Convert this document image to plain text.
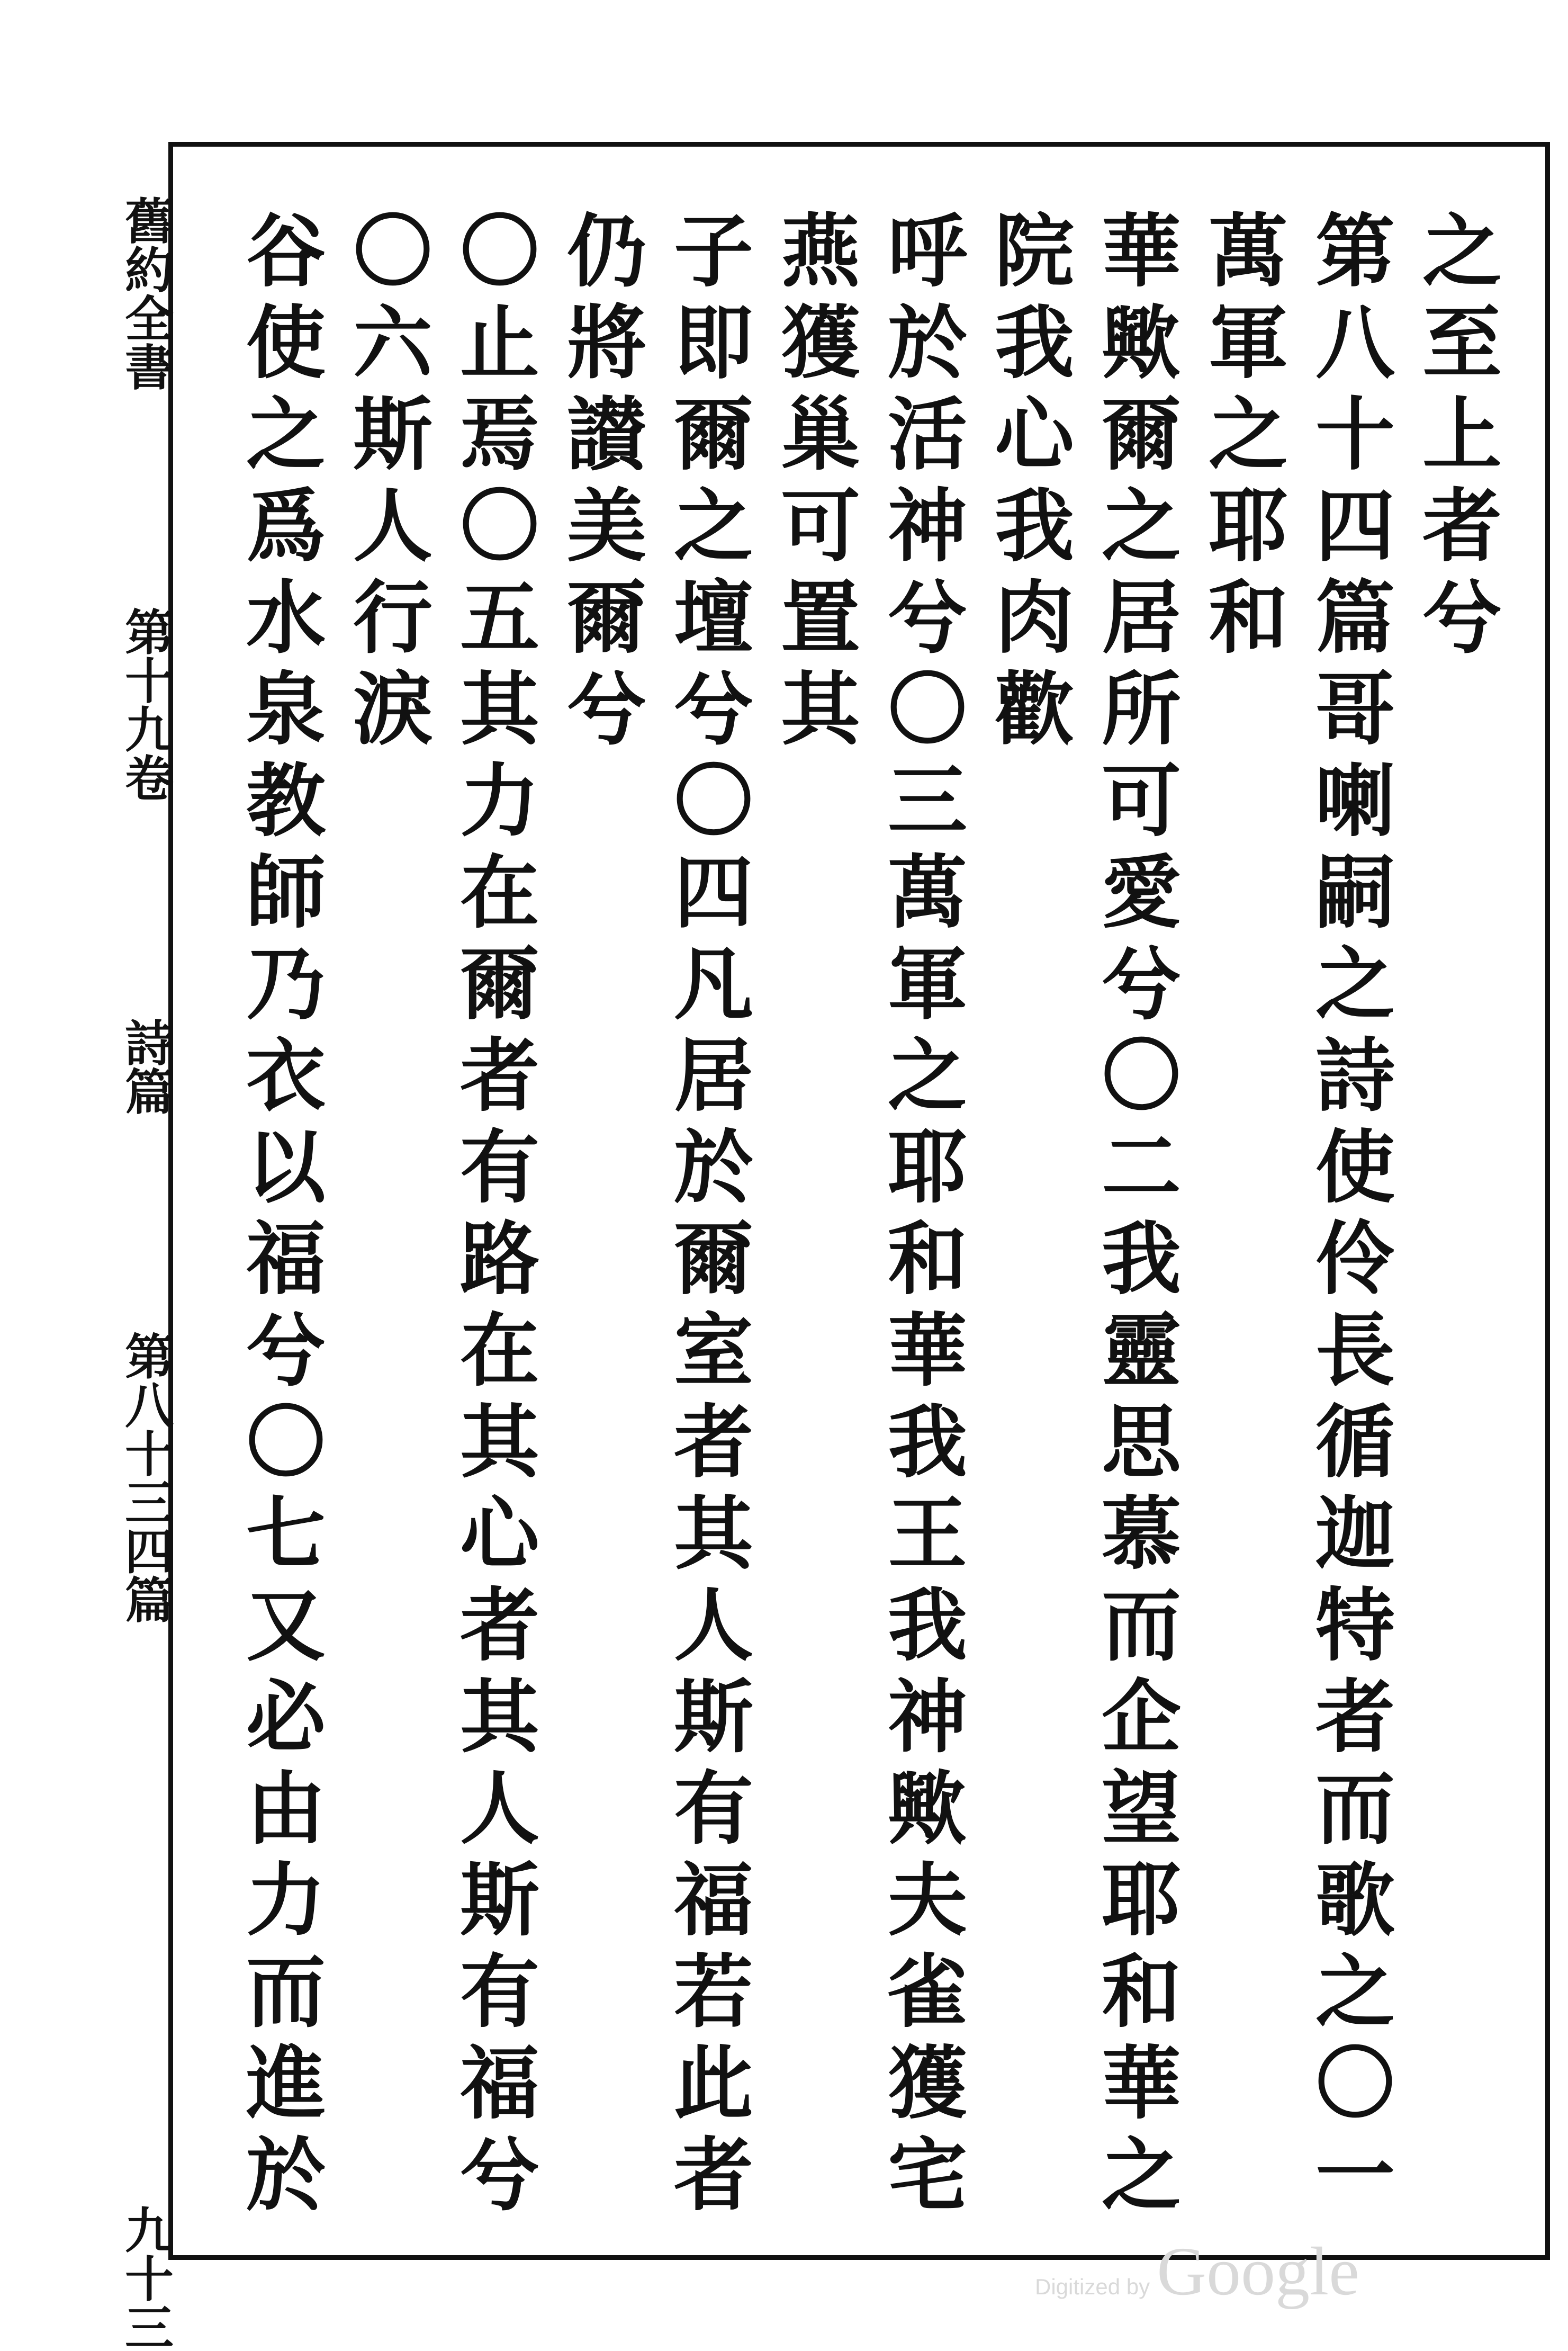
舊約全書 第十九卷 詩篇 第八十三四篇 九十三
之至上者兮
第八十四篇哥喇嗣之詩使伶長循迦特者而歌之〇一萬軍之耶和
華歟爾之居所可愛兮〇二我靈思慕而企望耶和華之院我心我肉歡
呼於活神兮〇三萬軍之耶和華我王我神歟夫雀獲宅燕獲巢可置其
子即爾之壇兮〇四凡居於爾室者其人斯有福若此者仍將讃美爾兮
〇止焉〇五其力在爾者有路在其心者其人斯有福兮〇六斯人行淚
谷使之爲水泉教師乃衣以福兮〇七又必由力而進於
Digitized by Google
